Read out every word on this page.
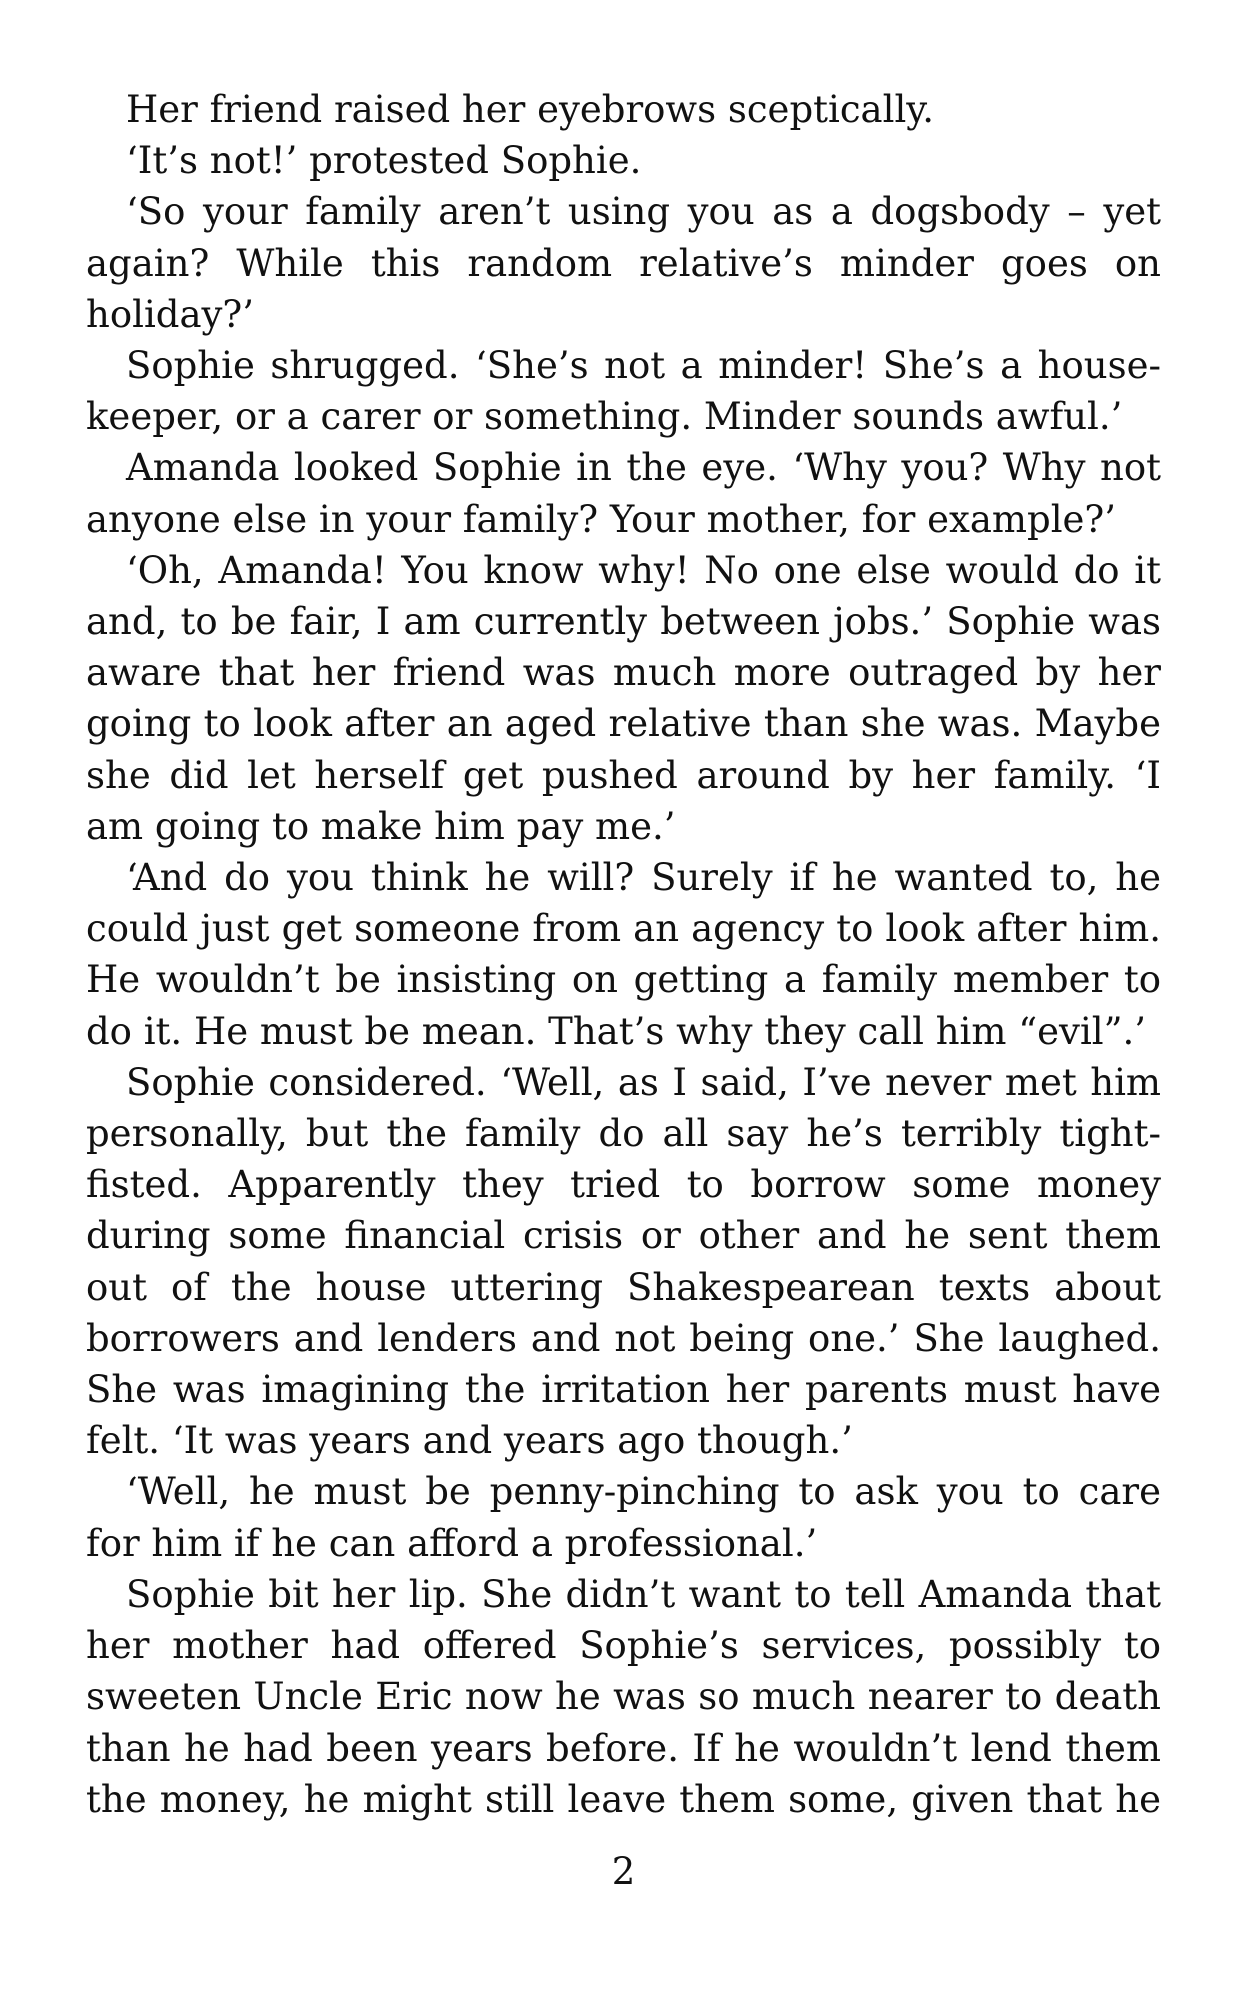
Her friend raised her eyebrows sceptically.

‘It’s not!’ protested Sophie.

‘So your family aren’t using you as a dogsbody – yet again? While this random relative’s minder goes on holiday?’

Sophie shrugged. ‘She’s not a minder! She’s a house-keeper, or a carer or something. Minder sounds awful.’

Amanda looked Sophie in the eye. ‘Why you? Why not anyone else in your family? Your mother, for example?’

‘Oh, Amanda! You know why! No one else would do it and, to be fair, I am currently between jobs.’ Sophie was aware that her friend was much more outraged by her going to look after an aged relative than she was. Maybe she did let herself get pushed around by her family. ‘I am going to make him pay me.’

‘And do you think he will? Surely if he wanted to, he could just get someone from an agency to look after him. He wouldn’t be insisting on getting a family member to do it. He must be mean. That’s why they call him “evil”.’

Sophie considered. ‘Well, as I said, I’ve never met him personally, but the family do all say he’s terribly tight-fisted. Apparently they tried to borrow some money during some financial crisis or other and he sent them out of the house uttering Shakespearean texts about borrowers and lenders and not being one.’ She laughed. She was imagining the irritation her parents must have felt. ‘It was years and years ago though.’

‘Well, he must be penny-pinching to ask you to care for him if he can afford a professional.’

Sophie bit her lip. She didn’t want to tell Amanda that her mother had offered Sophie’s services, possibly to sweeten Uncle Eric now he was so much nearer to death than he had been years before. If he wouldn’t lend them the money, he might still leave them some, given that he

2
